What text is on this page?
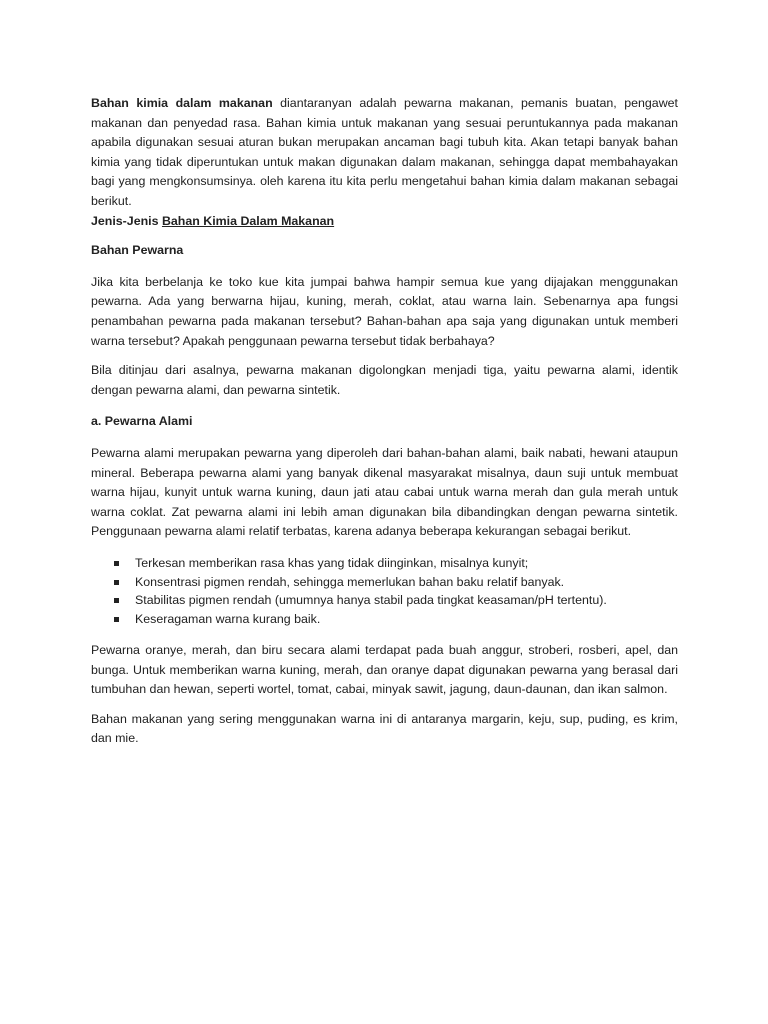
Bahan kimia dalam makanan diantaranyan adalah pewarna makanan, pemanis buatan, pengawet makanan dan penyedad rasa. Bahan kimia untuk makanan yang sesuai peruntukannya pada makanan apabila digunakan sesuai aturan bukan merupakan ancaman bagi tubuh kita. Akan tetapi banyak bahan kimia yang tidak diperuntukan untuk makan digunakan dalam makanan, sehingga dapat membahayakan bagi yang mengkonsumsinya. oleh karena itu kita perlu mengetahui bahan kimia dalam makanan sebagai berikut.

Jenis-Jenis Bahan Kimia Dalam Makanan

Bahan Pewarna

Jika kita berbelanja ke toko kue kita jumpai bahwa hampir semua kue yang dijajakan menggunakan pewarna. Ada yang berwarna hijau, kuning, merah, coklat, atau warna lain. Sebenarnya apa fungsi penambahan pewarna pada makanan tersebut? Bahan-bahan apa saja yang digunakan untuk memberi warna tersebut? Apakah penggunaan pewarna tersebut tidak berbahaya?

Bila ditinjau dari asalnya, pewarna makanan digolongkan menjadi tiga, yaitu pewarna alami, identik dengan pewarna alami, dan pewarna sintetik.

a. Pewarna Alami

Pewarna alami merupakan pewarna yang diperoleh dari bahan-bahan alami, baik nabati, hewani ataupun mineral. Beberapa pewarna alami yang banyak dikenal masyarakat misalnya, daun suji untuk membuat warna hijau, kunyit untuk warna kuning, daun jati atau cabai untuk warna merah dan gula merah untuk warna coklat. Zat pewarna alami ini lebih aman digunakan bila dibandingkan dengan pewarna sintetik. Penggunaan pewarna alami relatif terbatas, karena adanya beberapa kekurangan sebagai berikut.

Terkesan memberikan rasa khas yang tidak diinginkan, misalnya kunyit;
Konsentrasi pigmen rendah, sehingga memerlukan bahan baku relatif banyak.
Stabilitas pigmen rendah (umumnya hanya stabil pada tingkat keasaman/pH tertentu).
Keseragaman warna kurang baik.

Pewarna oranye, merah, dan biru secara alami terdapat pada buah anggur, stroberi, rosberi, apel, dan bunga. Untuk memberikan warna kuning, merah, dan oranye dapat digunakan pewarna yang berasal dari tumbuhan dan hewan, seperti wortel, tomat, cabai, minyak sawit, jagung, daun-daunan, dan ikan salmon.

Bahan makanan yang sering menggunakan warna ini di antaranya margarin, keju, sup, puding, es krim, dan mie.
